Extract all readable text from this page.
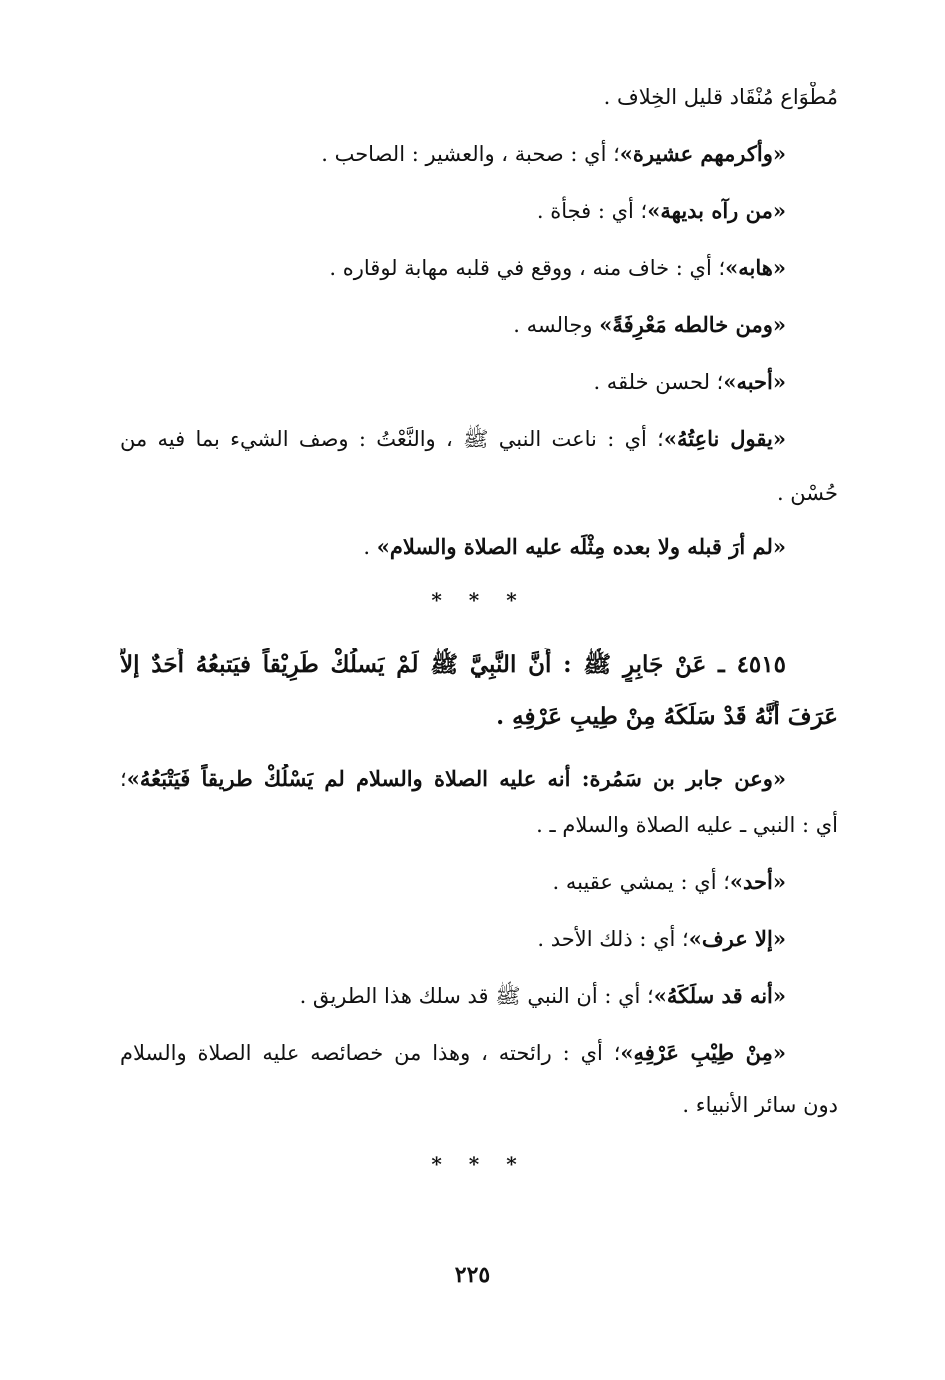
مُطْوَاع مُنْقَاد قليل الخِلاف .
«وأكرمهم عشيرة»؛ أي : صحبة ، والعشير : الصاحب .
«من رآه بديهة»؛ أي : فجأة .
«هابه»؛ أي : خاف منه ، ووقع في قلبه مهابة لوقاره .
«ومن خالطه مَعْرِفَةً» وجالسه .
«أحبه»؛ لحسن خلقه .
«يقول ناعِتُهُ»؛ أي : ناعت النبي ﷺ ، والنَّعْتُ : وصف الشيء بما فيه من
حُسْن .
«لم أرَ قبله ولا بعده مِثْلَه عليه الصلاة والسلام» .
* * *
٤٥١٥ ـ عَنْ جَابِرٍ ﷺ : أَنَّ النَّبِيَّ ﷺ لَمْ يَسلُكْ طَرِيْقاً فيَتبعُهُ أَحَدٌ إلاَّ
عَرَفَ أَنَّهُ قَدْ سَلَكَهُ مِنْ طِيبِ عَرْفِهِ .
«وعن جابر بن سَمُرة: أنه عليه الصلاة والسلام لم يَسْلُكْ طريقاً فَيَتْبَعُهُ»؛
أي : النبي ـ عليه الصلاة والسلام ـ .
«أحد»؛ أي : يمشي عقيبه .
«إلا عرف»؛ أي : ذلك الأحد .
«أنه قد سلَكَهُ»؛ أي : أن النبي ﷺ قد سلك هذا الطريق .
«مِنْ طِيْبِ عَرْفِهِ»؛ أي : رائحته ، وهذا من خصائصه عليه الصلاة والسلام
دون سائر الأنبياء .
* * *
٢٢٥
